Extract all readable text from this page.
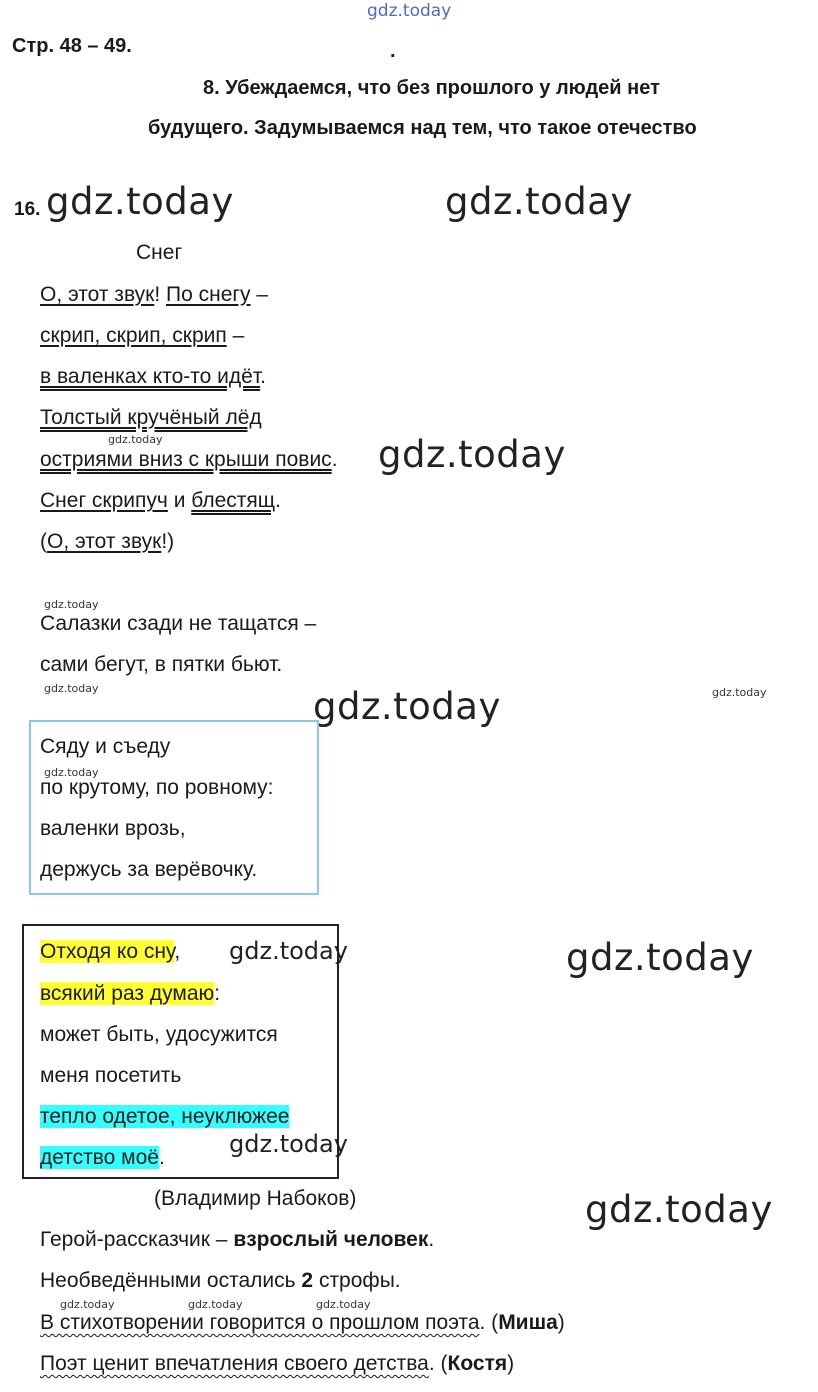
gdz.today
Стр. 48 – 49.	.
8. Убеждаемся, что без прошлого у людей нет
будущего. Задумываемся над тем, что такое отечество
16. gdz.today	gdz.today
Снег
О, этот звук! По снегу –
скрип, скрип, скрип –
в валенках кто-то идёт.
Толстый кручёный лёд
gdz.today
остриями вниз с крыши повис. gdz.today
Снег скрипуч и блестящ.
(О, этот звук!)
gdz.today
Салазки сзади не тащатся –
сами бегут, в пятки бьют.
gdz.today	gdz.today
gdz.today
Сяду и съеду
gdz.today
по крутому, по ровному:
валенки врозь,
держусь за верёвочку.
Отходя ко сну, gdz.today	gdz.today
всякий раз думаю:
может быть, удосужится
меня посетить
тепло одетое, неуклюжее
gdz.today
детство моё.
(Владимир Набоков)	gdz.today
Герой-рассказчик – взрослый человек.
Необведёнными остались 2 строфы.
gdz.today	gdz.today	gdz.today
В стихотворении говорится о прошлом поэта. (Миша)
Поэт ценит впечатления своего детства. (Костя)
